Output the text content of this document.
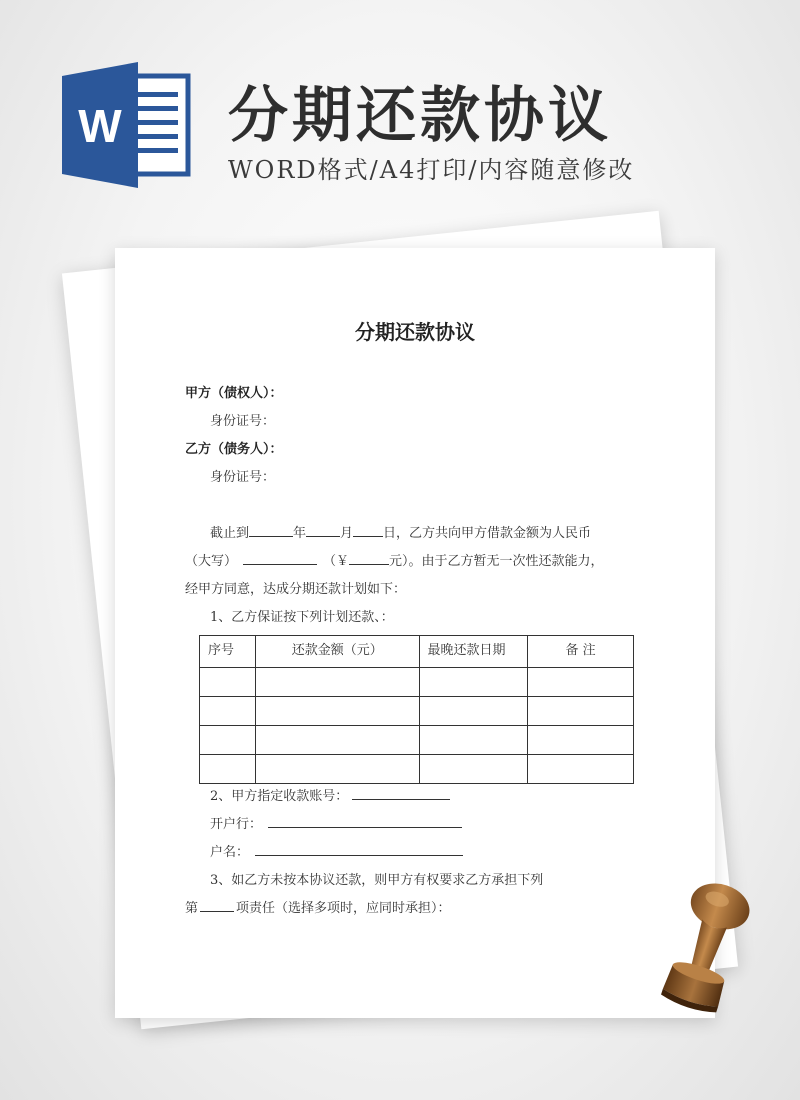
W 分期还款协议
WORD格式/A4打印/内容随意修改
分期还款协议
甲方（债权人）：
身份证号：
乙方（债务人）：
身份证号：
截止到	年	月 日，乙方共向甲方借款金额为人民币
（大写）	（￥	元）。由于乙方暂无一次性还款能力，
经甲方同意，达成分期还款计划如下：
1、乙方保证按下列计划还款、：
序号	还款金额（元）	最晚还款日期	备 注

2、甲方指定收款账号：
开户行：
户名：
3、如乙方未按本协议还款，则甲方有权要求乙方承担下列
第	项责任（选择多项时，应同时承担）：
